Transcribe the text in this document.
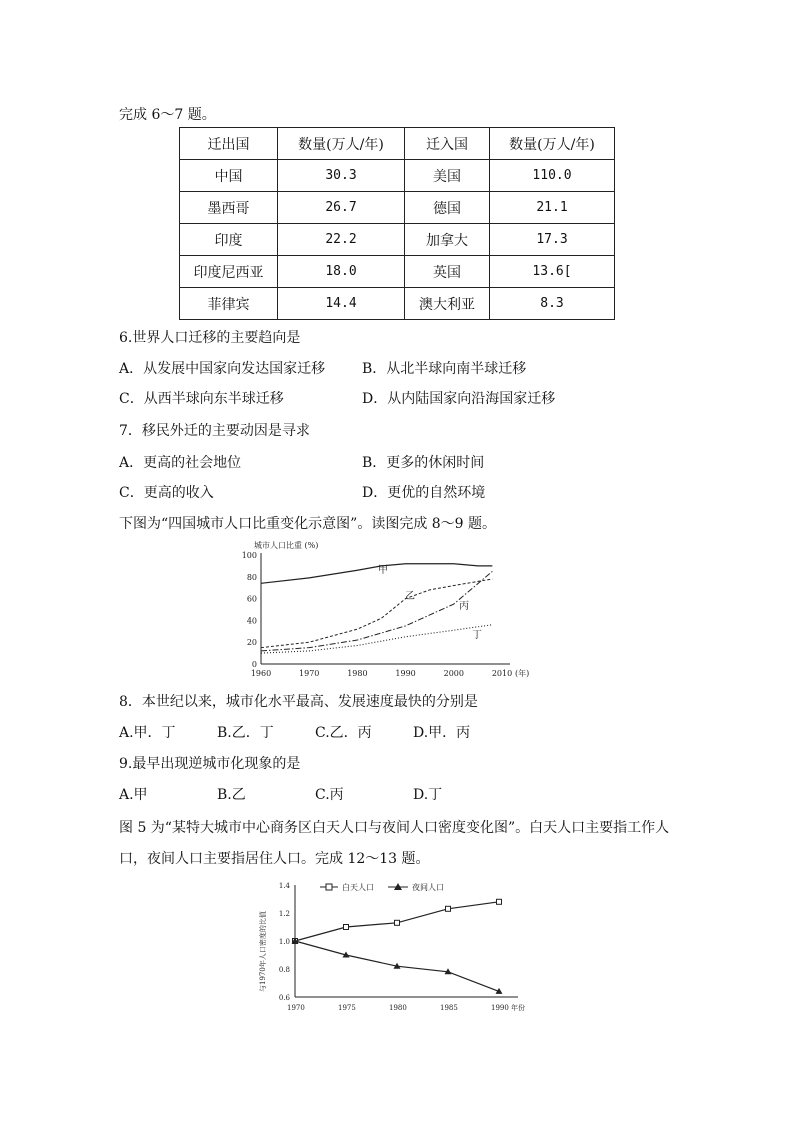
完成 6～7 题。
迁出国	数量(万人/年)	迁入国	数量(万人/年)
中国	30.3	美国	110.0
墨西哥	26.7	德国	21.1
印度	22.2	加拿大	17.3
印度尼西亚	18.0	英国	13.6[
菲律宾	14.4	澳大利亚	8.3
6.世界人口迁移的主要趋向是
A．从发展中国家向发达国家迁移	B．从北半球向南半球迁移
C．从西半球向东半球迁移	D．从内陆国家向沿海国家迁移
7．移民外迁的主要动因是寻求
A．更高的社会地位	B．更多的休闲时间
C．更高的收入	D．更优的自然环境
下图为“四国城市人口比重变化示意图”。读图完成 8～9 题。
城市人口比重 (%)
100
80
60
40
20
0
1960	1970	1980	1990	2000	2010 (年)
甲
乙
丙
丁
8．本世纪以来，城市化水平最高、发展速度最快的分别是
A.甲．丁	B.乙．丁	C.乙．丙	D.甲．丙
9.最早出现逆城市化现象的是
A.甲	B.乙	C.丙	D.丁
图 5 为“某特大城市中心商务区白天人口与夜间人口密度变化图”。白天人口主要指工作人
口，夜间人口主要指居住人口。完成 12～13 题。
与1970年人口密度的比值
1.4
1.2
1.0
0.8
0.6
1970	1975	1980	1985	1990 年份
白天人口	夜间人口
